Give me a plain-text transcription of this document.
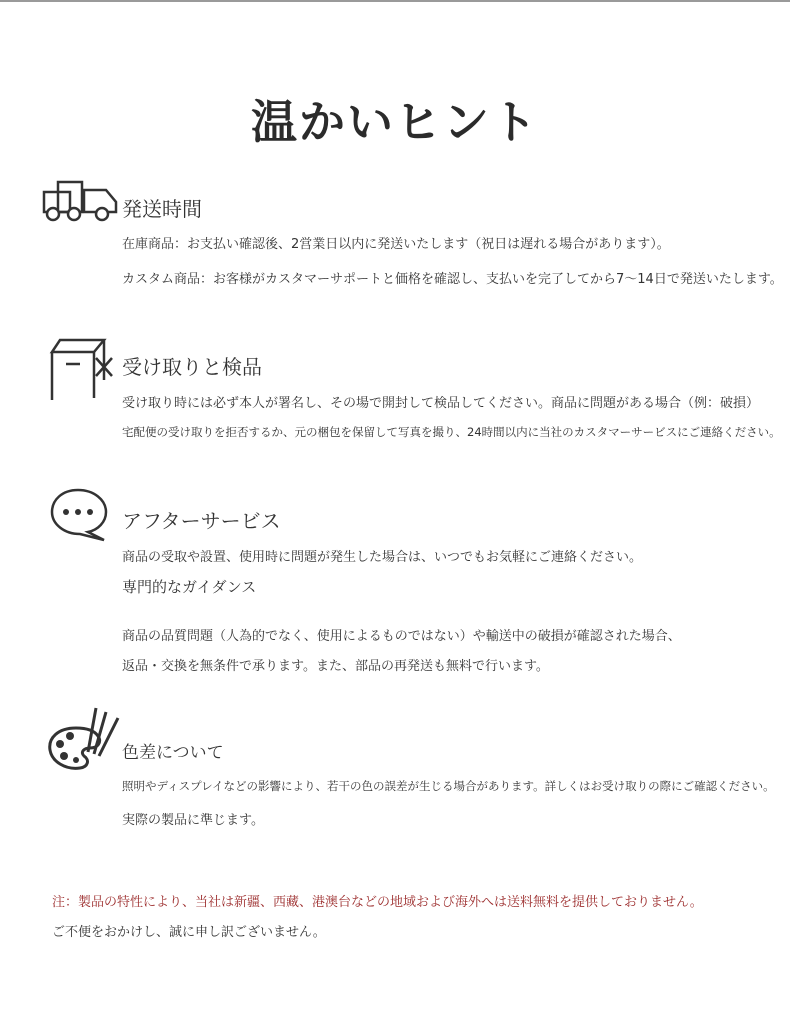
温かいヒント
発送時間
在庫商品：お支払い確認後、2営業日以内に発送いたします（祝日は遅れる場合があります）。
カスタム商品：お客様がカスタマーサポートと価格を確認し、支払いを完了してから7〜14日で発送いたします。
受け取りと検品
受け取り時には必ず本人が署名し、その場で開封して検品してください。商品に問題がある場合（例：破損）
宅配便の受け取りを拒否するか、元の梱包を保留して写真を撮り、24時間以内に当社のカスタマーサービスにご連絡ください。
アフターサービス
商品の受取や設置、使用時に問題が発生した場合は、いつでもお気軽にご連絡ください。
専門的なガイダンス
商品の品質問題（人為的でなく、使用によるものではない）や輸送中の破損が確認された場合、
返品・交換を無条件で承ります。また、部品の再発送も無料で行います。
色差について
照明やディスプレイなどの影響により、若干の色の誤差が生じる場合があります。詳しくはお受け取りの際にご確認ください。
実際の製品に準じます。
注：製品の特性により、当社は新疆、西藏、港澳台などの地域および海外へは送料無料を提供しておりません。
ご不便をおかけし、誠に申し訳ございません。
